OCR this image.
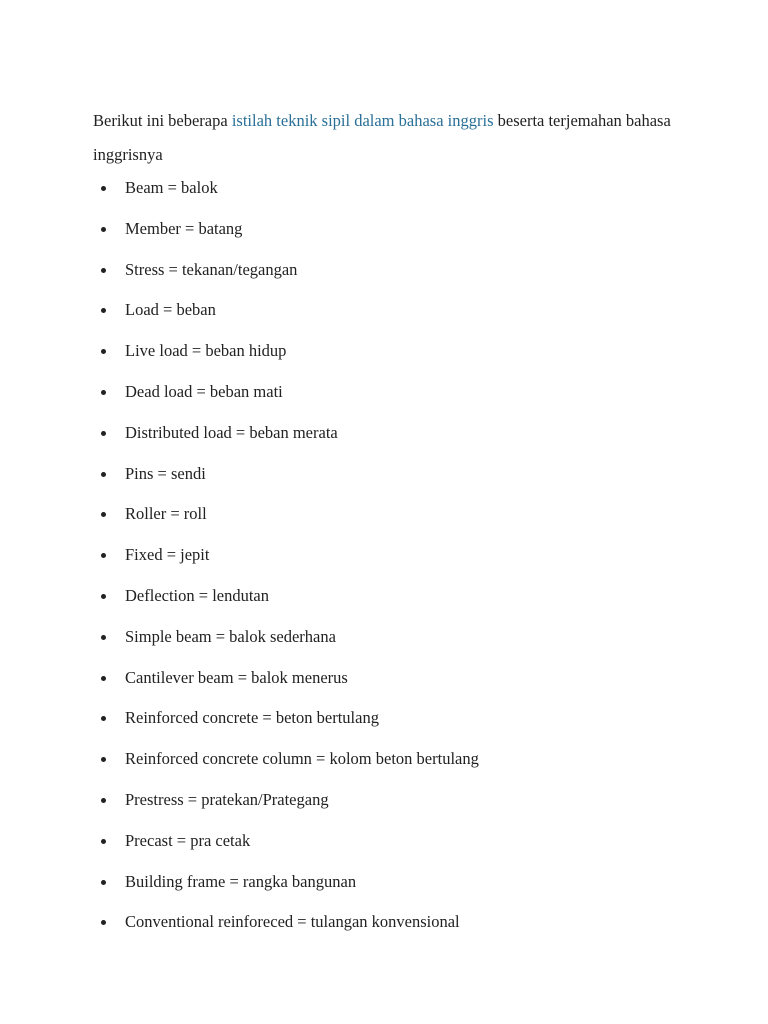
Berikut ini beberapa istilah teknik sipil dalam bahasa inggris beserta terjemahan bahasa inggrisnya

Beam = balok
Member = batang
Stress = tekanan/tegangan
Load = beban
Live load = beban hidup
Dead load = beban mati
Distributed load = beban merata
Pins = sendi
Roller = roll
Fixed = jepit
Deflection = lendutan
Simple beam = balok sederhana
Cantilever beam = balok menerus
Reinforced concrete = beton bertulang
Reinforced concrete column = kolom beton bertulang
Prestress = pratekan/Prategang
Precast = pra cetak
Building frame = rangka bangunan
Conventional reinforeced = tulangan konvensional
